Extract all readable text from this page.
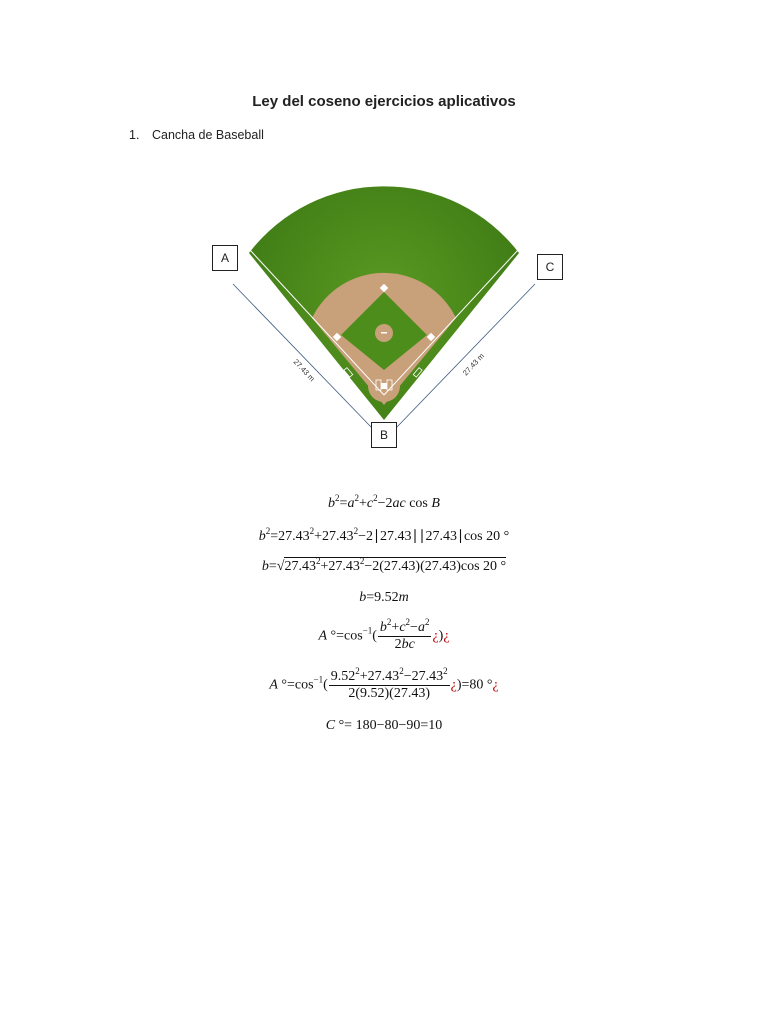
Ley del coseno ejercicios aplicativos
1. Cancha de Baseball
27.43 m	27.43 m
A
C
B
$b^2=a^2+c^2-2ac$ cos B
$b^2=27.43^2+27.43^2-2∣27.43∣∣27.43∣\cos$ 20 °
$b=√27.43^2+27.43^2-2(27.43)(27.43)\cos$ 20 °
b=9.52m
A $^\circ=\cos^{-1}( \frac{b^2+c^2-a^2}{2bc}$ ¿)¿
A $^\circ=\cos^{-1}( \frac{9.52^2+27.43^2-27.43^2}{2(9.52)(27.43)}$ ¿)=80 °¿
C °= 180−80−90=10
